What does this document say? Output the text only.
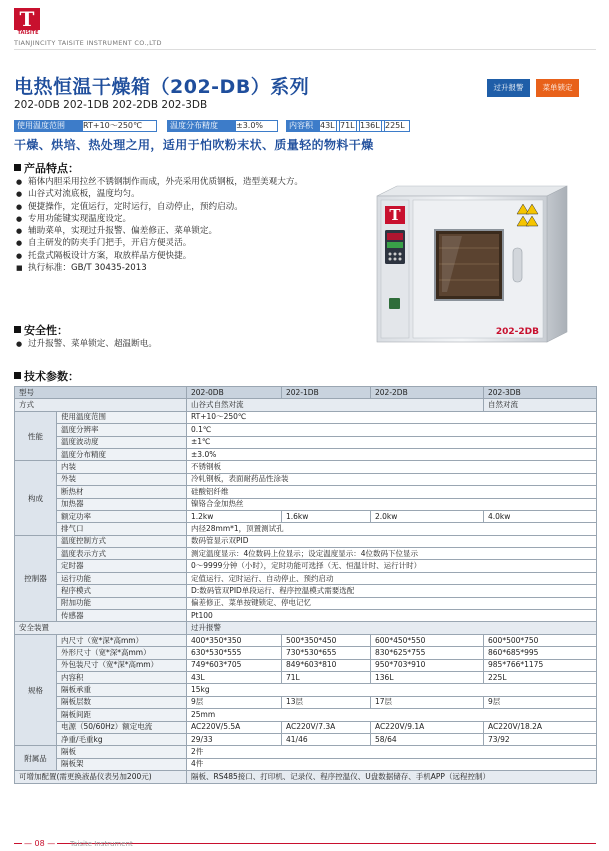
T
TAISITE
TIANJINCITY TAISITE INSTRUMENT CO.,LTD
电热恒温干燥箱（202-DB）系列
202-0DB 202-1DB 202-2DB 202-3DB
过升报警	菜单锁定
使用温度范围	RT+10～250℃	温度分布精度	±3.0%	内容积 43L 71L 136L 225L
干燥、烘培、热处理之用，适用于怕吹粉末状、质量轻的物料干燥
产品特点：
● 箱体内胆采用拉丝不锈钢制作而成，外壳采用优质钢板，造型美观大方。
● 山谷式对流底板，温度均匀。
● 便捷操作，定值运行，定时运行，自动停止，预约启动。
● 专用功能键实现温度设定。
● 辅助菜单，实现过升报警、偏差修正、菜单锁定。
● 自主研发的防夹手门把手，开启方便灵活。
● 托盘式隔板设计方案，取放样品方便快捷。
■ 执行标准：GB/T 30435-2013
安全性：
● 过升报警、菜单锁定、超温断电。
T
202-2DB
技术参数：
型号		202-0DB	202-1DB	202-2DB	202-3DB
方式		山谷式自然对流			自然对流
性能	使用温度范围	RT+10～250℃			
	温度分辨率	0.1℃			
	温度波动度	±1℃			
	温度分布精度	±3.0%			
构成	内装	不锈钢板			
	外装	冷轧钢板，表面耐药品性涂装			
	断热材	硅酸铝纤维			
	加热器	镍铬合金加热丝			
	额定功率	1.2kw	1.6kw	2.0kw	4.0kw
	排气口	内径28mm*1，顶置测试孔			
控制器	温度控制方式	数码管显示双PID			
	温度表示方式	测定温度显示：4位数码上位显示；设定温度显示：4位数码下位显示			
	定时器	0～9999分钟（小时），定时功能可选择（无、恒温计时、运行计时）			
	运行功能	定值运行、定时运行、自动停止、预约启动			
	程序模式	D:数码管双PID单段运行、程序控温模式需要选配			
	附加功能	偏差修正、菜单按键锁定、停电记忆			
	传感器	Pt100			
安全装置		过升报警			
规格	内尺寸（宽*深*高mm）	400*350*350	500*350*450	600*450*550	600*500*750
	外形尺寸（宽*深*高mm）	630*530*555	730*530*655	830*625*755	860*685*995
	外包装尺寸（宽*深*高mm）	749*603*705	849*603*810	950*703*910	985*766*1175
	内容积	43L	71L	136L	225L
	隔板承重	15kg			
	隔板层数	9层	13层	17层	9层
	隔板间距	25mm			
	电源（50/60Hz）额定电流	AC220V/5.5A	AC220V/7.3A	AC220V/9.1A	AC220V/18.2A
	净重/毛重kg	29/33	41/46	58/64	73/92
附属品	隔板	2件			
	隔板架	4件			
可增加配置(需更换液晶仪表另加200元)		隔板、RS485接口、打印机、记录仪、程序控温仪、U盘数据储存、手机APP（远程控制）			
— 08 — Taisite Instrument
